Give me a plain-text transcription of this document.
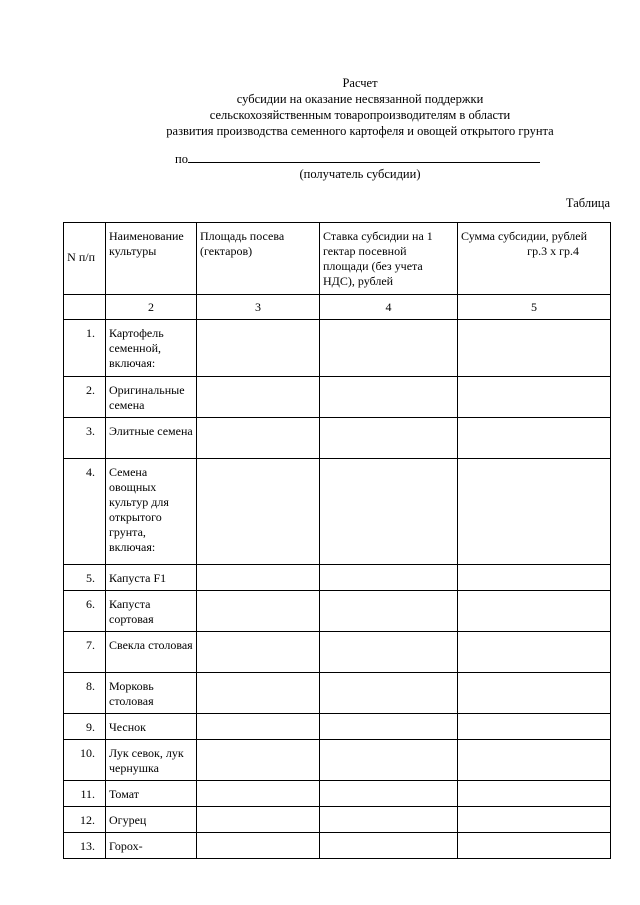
Расчет
субсидии на оказание несвязанной поддержки
сельскохозяйственным товаропроизводителям в области
развития производства семенного картофеля и овощей открытого грунта
по
(получатель субсидии)
Таблица
N п/п	Наименование культуры	Площадь посева (гектаров)	Ставка субсидии на 1 гектар посевной площади (без учета НДС), рублей	Сумма субсидии, рублей
гр.3 x гр.4

	2	3	4	5
1.	Картофель семенной, включая:			
2.	Оригинальные семена			
3.	Элитные семена			
4.	Семена овощных культур для открытого грунта, включая:			
5.	Капуста F1			
6.	Капуста сортовая			
7.	Свекла столовая			
8.	Морковь столовая			
9.	Чеснок			
10.	Лук севок, лук чернушка			
11.	Томат			
12.	Огурец			
13.	Горох-			
